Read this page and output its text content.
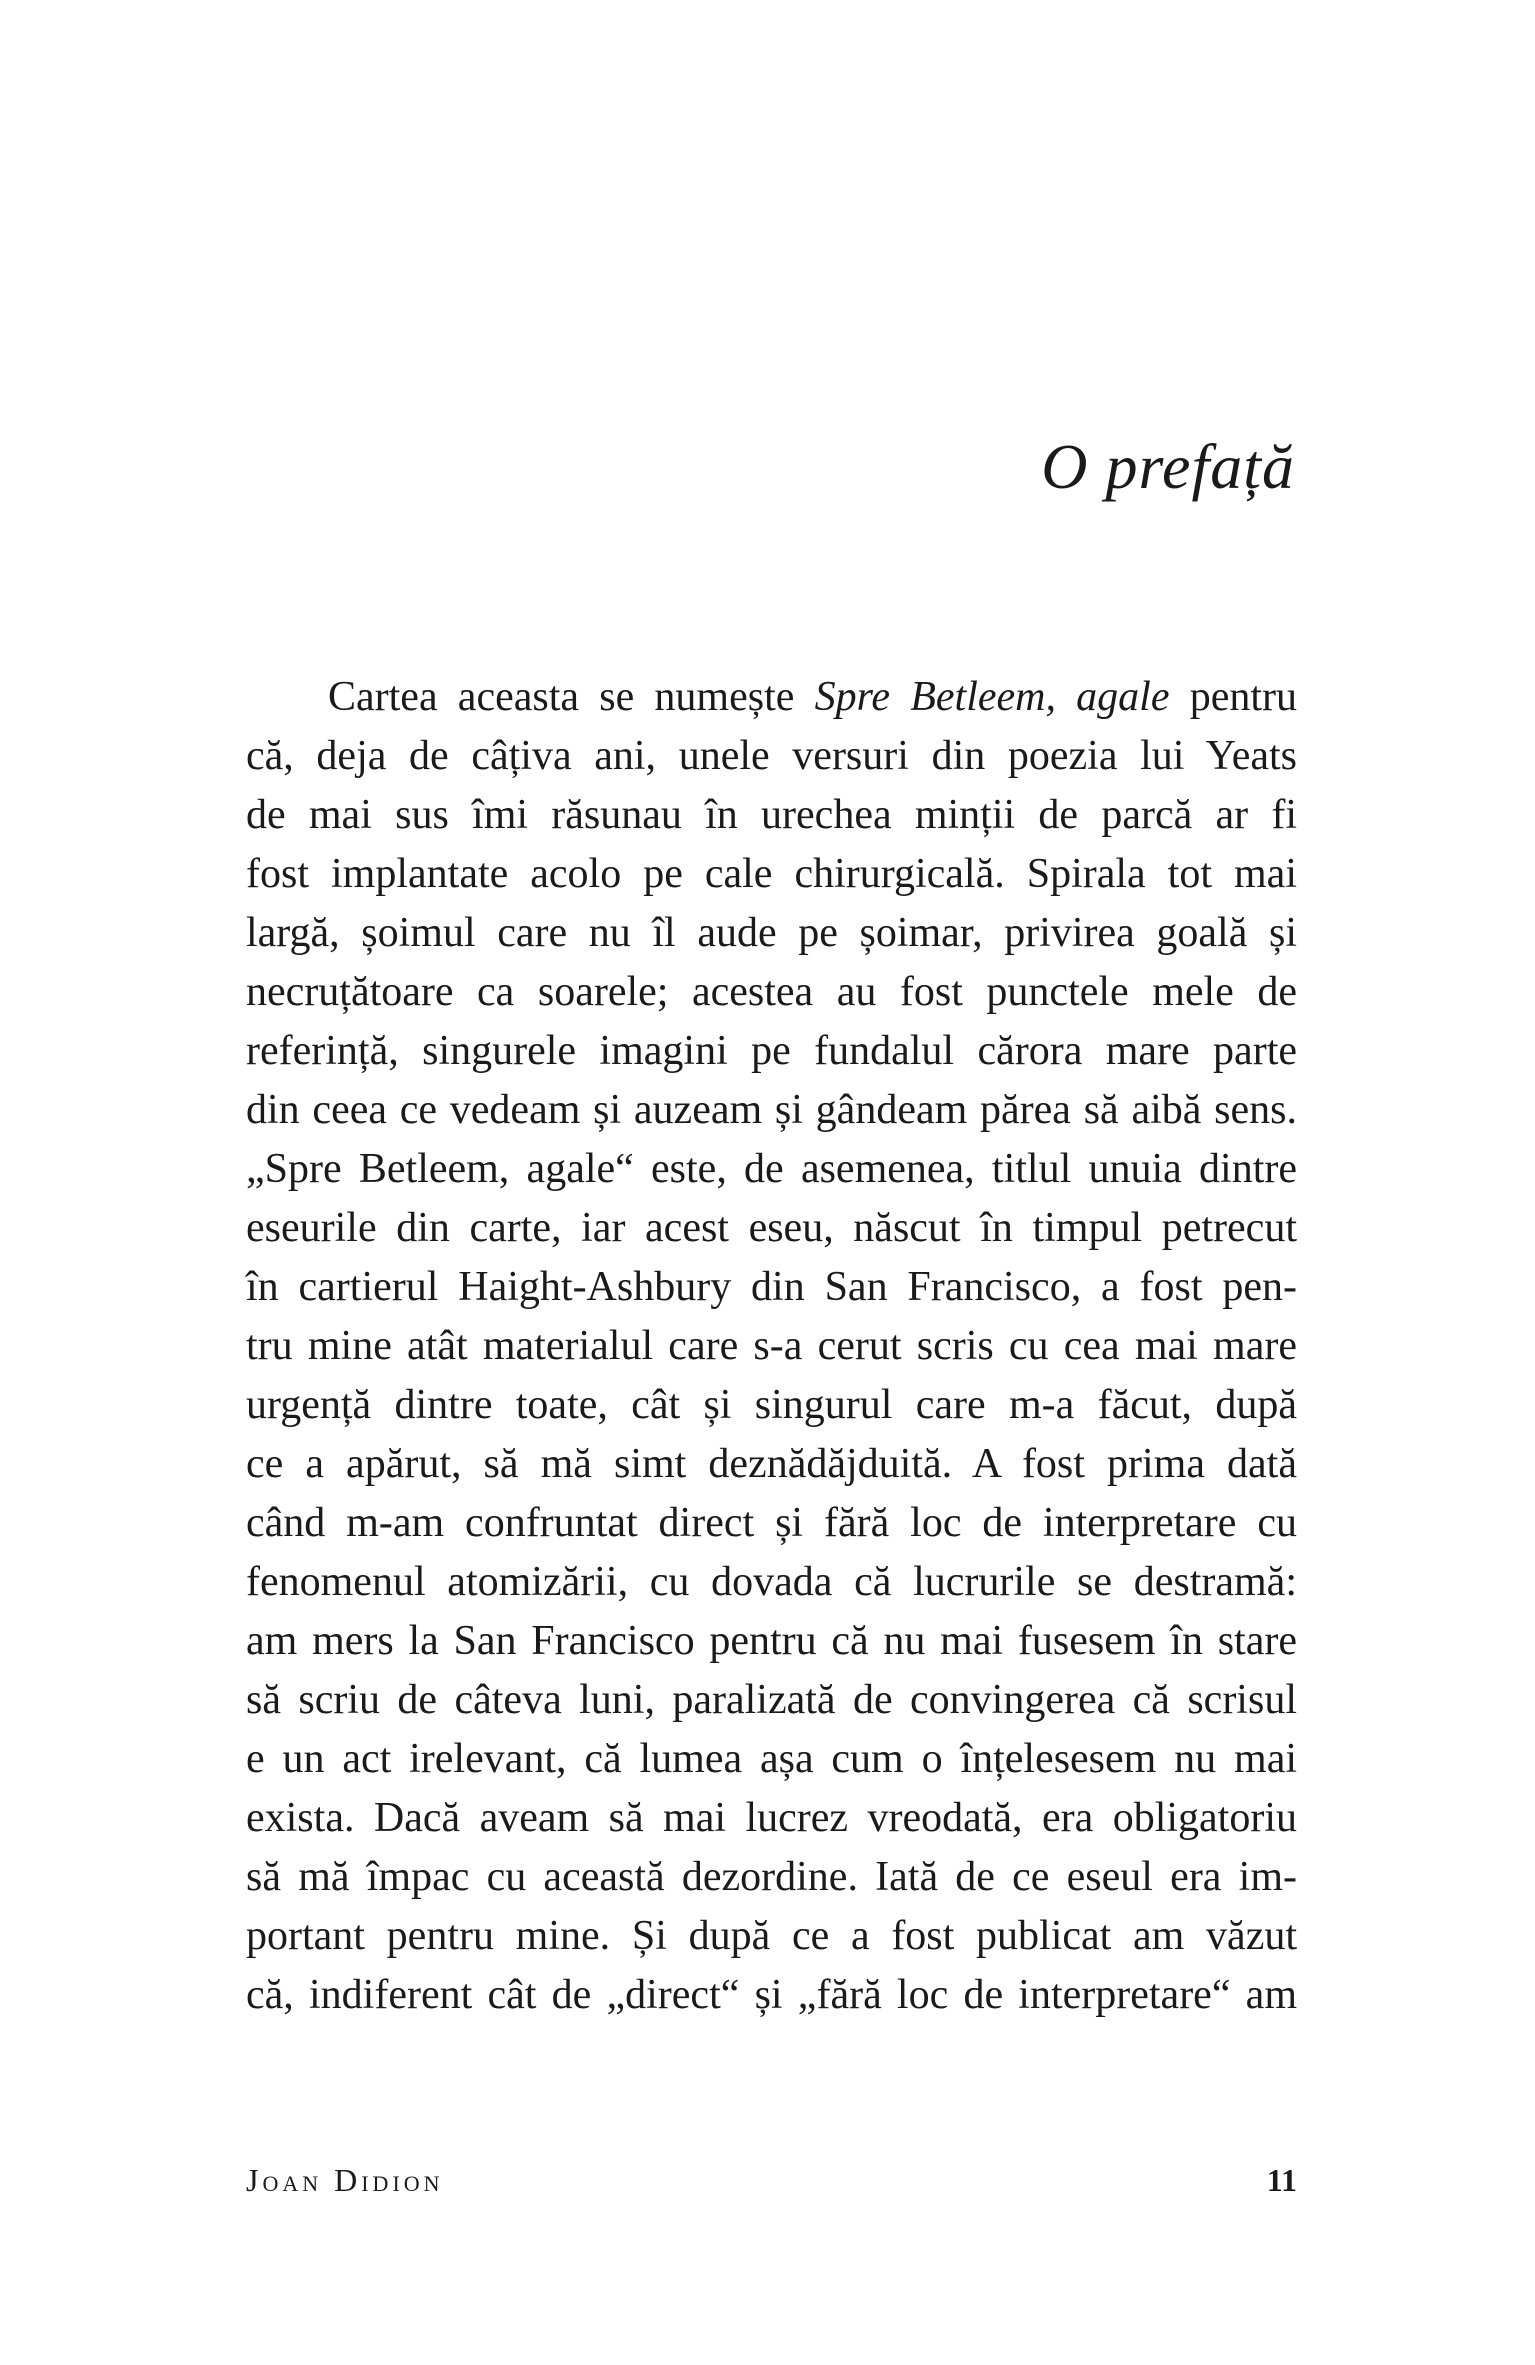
O prefață
Cartea aceasta se numește Spre Betleem, agale pentru
că, deja de câțiva ani, unele versuri din poezia lui Yeats
de mai sus îmi răsunau în urechea minții de parcă ar fi
fost implantate acolo pe cale chirurgicală. Spirala tot mai
largă, șoimul care nu îl aude pe șoimar, privirea goală și
necruțătoare ca soarele; acestea au fost punctele mele de
referință, singurele imagini pe fundalul cărora mare parte
din ceea ce vedeam și auzeam și gândeam părea să aibă sens.
„Spre Betleem, agale“ este, de asemenea, titlul unuia dintre
eseurile din carte, iar acest eseu, născut în timpul petrecut
în cartierul Haight-Ashbury din San Francisco, a fost pen-
tru mine atât materialul care s-a cerut scris cu cea mai mare
urgență dintre toate, cât și singurul care m-a făcut, după
ce a apărut, să mă simt deznădăjduită. A fost prima dată
când m-am confruntat direct și fără loc de interpretare cu
fenomenul atomizării, cu dovada că lucrurile se destramă:
am mers la San Francisco pentru că nu mai fusesem în stare
să scriu de câteva luni, paralizată de convingerea că scrisul
e un act irelevant, că lumea așa cum o înțelesesem nu mai
exista. Dacă aveam să mai lucrez vreodată, era obligatoriu
să mă împac cu această dezordine. Iată de ce eseul era im-
portant pentru mine. Și după ce a fost publicat am văzut
că, indiferent cât de „direct“ și „fără loc de interpretare“ am

Joan Didion	11
